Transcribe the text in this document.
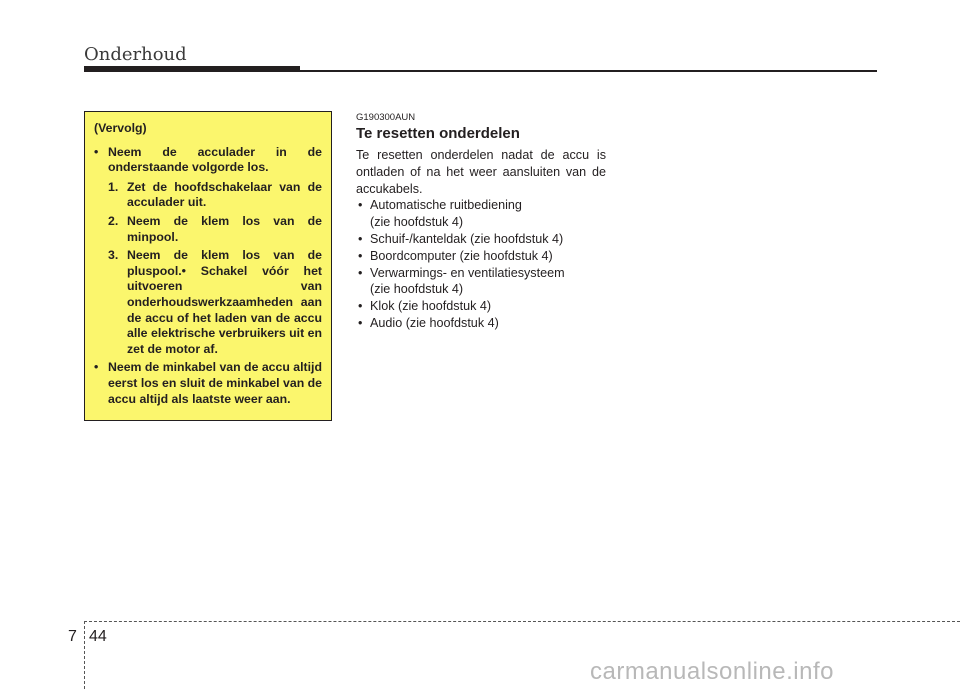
Onderhoud
(Vervolg)

• Neem de acculader in de onderstaande volgorde los.

1. Zet de hoofdschakelaar van de acculader uit.

2. Neem de klem los van de minpool.

3. Neem de klem los van de pluspool.• Schakel vóór het uitvoeren van onderhoudswerkzaamheden aan de accu of het laden van de accu alle elektrische verbruikers uit en zet de motor af.

• Neem de minkabel van de accu altijd eerst los en sluit de minkabel van de accu altijd als laatste weer aan.

G190300AUN
Te resetten onderdelen

Te resetten onderdelen nadat de accu is ontladen of na het weer aansluiten van de accukabels.

• Automatische ruitbediening
(zie hoofdstuk 4)
• Schuif-/kanteldak (zie hoofdstuk 4)
• Boordcomputer (zie hoofdstuk 4)
• Verwarmings- en ventilatiesysteem
(zie hoofdstuk 4)
• Klok (zie hoofdstuk 4)
• Audio (zie hoofdstuk 4)
7 44
carmanualsonline.info
